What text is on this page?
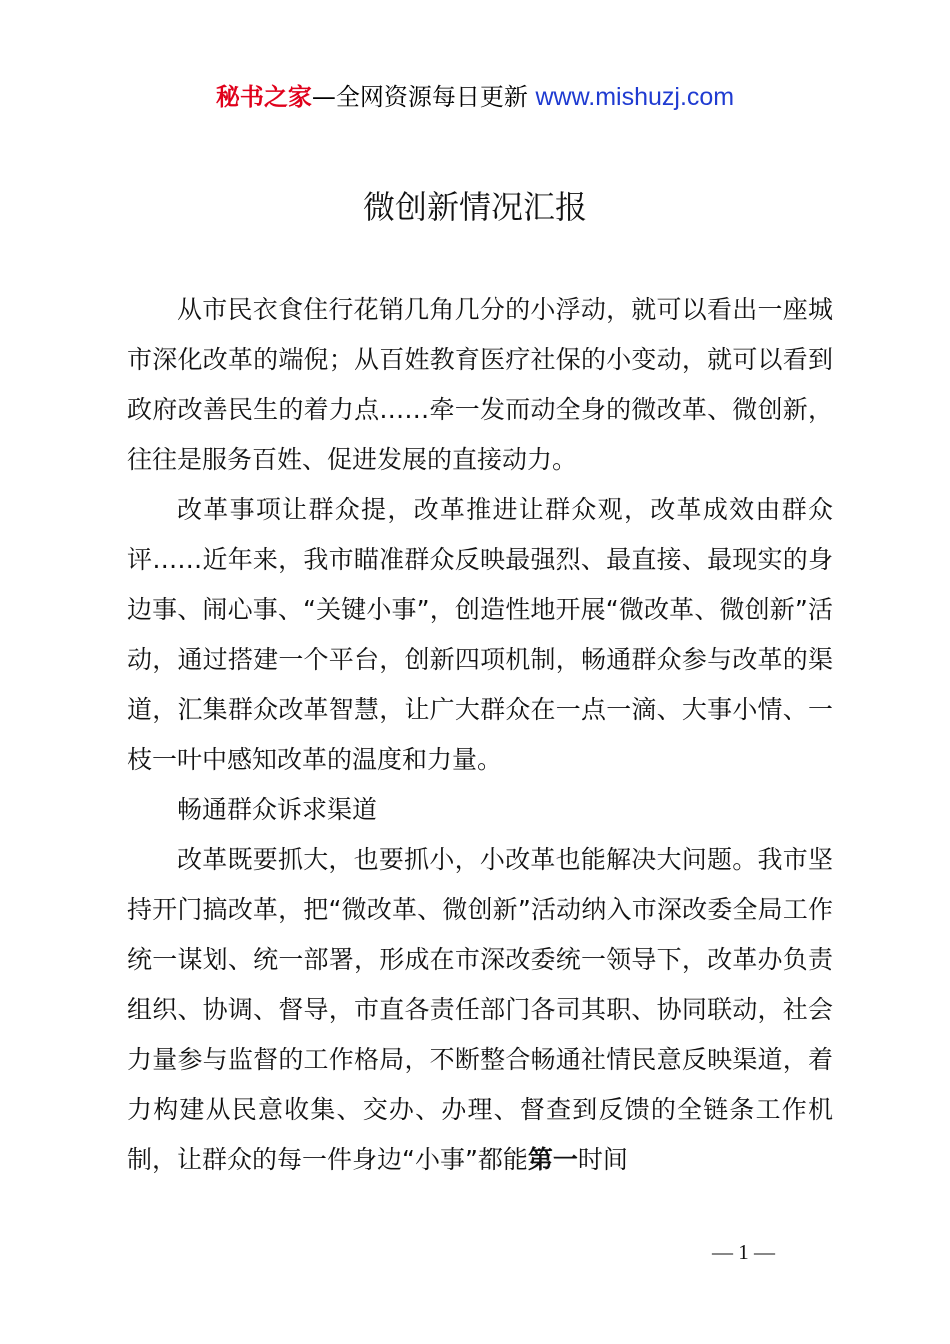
秘书之家—全网资源每日更新 www.mishuzj.com
微创新情况汇报

从市民衣食住行花销几角几分的小浮动，就可以看出一座城市深化改革的端倪；从百姓教育医疗社保的小变动，就可以看到政府改善民生的着力点……牵一发而动全身的微改革、微创新，往往是服务百姓、促进发展的直接动力。

改革事项让群众提，改革推进让群众观，改革成效由群众评……近年来，我市瞄准群众反映最强烈、最直接、最现实的身边事、闹心事、“关键小事”，创造性地开展“微改革、微创新”活动，通过搭建一个平台，创新四项机制，畅通群众参与改革的渠道，汇集群众改革智慧，让广大群众在一点一滴、大事小情、一枝一叶中感知改革的温度和力量。

畅通群众诉求渠道

改革既要抓大，也要抓小，小改革也能解决大问题。我市坚持开门搞改革，把“微改革、微创新”活动纳入市深改委全局工作统一谋划、统一部署，形成在市深改委统一领导下，改革办负责组织、协调、督导，市直各责任部门各司其职、协同联动，社会力量参与监督的工作格局，不断整合畅通社情民意反映渠道，着力构建从民意收集、交办、办理、督查到反馈的全链条工作机制，让群众的每一件身边“小事”都能第一时间

— 1 —
